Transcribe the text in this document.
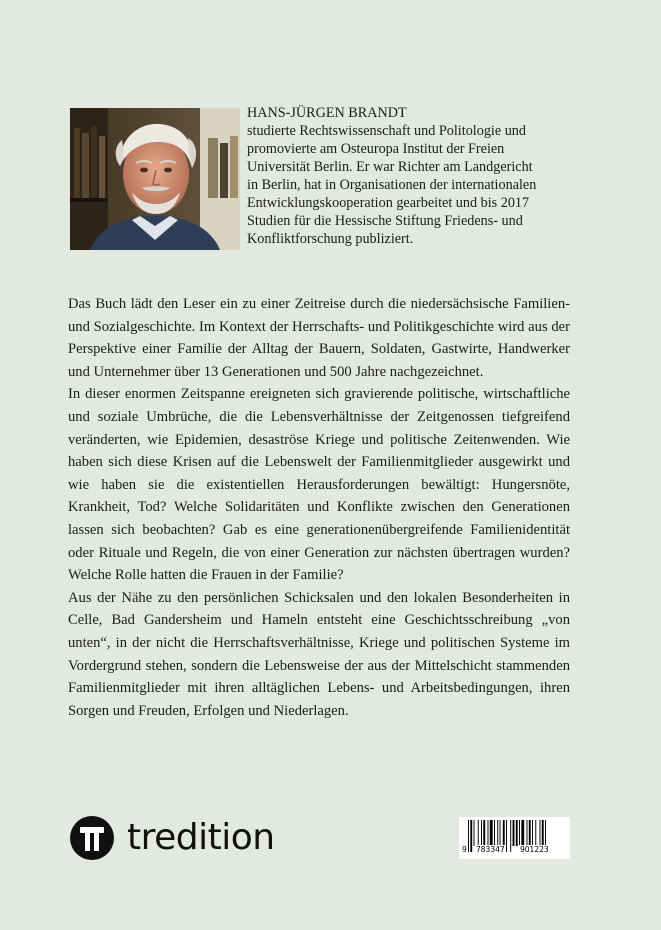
HANS-JÜRGEN BRANDT
studierte Rechtswissenschaft und Politologie und
promovierte am Osteuropa Institut der Freien
Universität Berlin. Er war Richter am Landgericht
in Berlin, hat in Organisationen der internationalen
Entwicklungskooperation gearbeitet und bis 2017
Studien für die Hessische Stiftung Friedens- und
Konfliktforschung publiziert.

Das Buch lädt den Leser ein zu einer Zeitreise durch die niedersächsische Familien- und Sozialgeschichte. Im Kontext der Herrschafts- und Politikgeschichte wird aus der Perspektive einer Familie der Alltag der Bauern, Soldaten, Gastwirte, Handwerker und Unternehmer über 13 Generationen und 500 Jahre nachgezeichnet.

In dieser enormen Zeitspanne ereigneten sich gravierende politische, wirtschaftliche und soziale Umbrüche, die die Lebensverhältnisse der Zeitgenossen tiefgreifend veränderten, wie Epidemien, desaströse Kriege und politische Zeitenwenden. Wie haben sich diese Krisen auf die Lebenswelt der Familienmitglieder ausgewirkt und wie haben sie die existentiellen Herausforderungen bewältigt: Hungersnöte, Krankheit, Tod? Welche Solidaritäten und Konflikte zwischen den Generationen lassen sich beobachten? Gab es eine generationenübergreifende Familienidentität oder Rituale und Regeln, die von einer Generation zur nächsten übertragen wurden? Welche Rolle hatten die Frauen in der Familie?

Aus der Nähe zu den persönlichen Schicksalen und den lokalen Besonderheiten in Celle, Bad Gandersheim und Hameln entsteht eine Geschichtsschreibung „von unten“, in der nicht die Herrschaftsverhältnisse, Kriege und politischen Systeme im Vordergrund stehen, sondern die Lebensweise der aus der Mittelschicht stammenden Familienmitglieder mit ihren alltäglichen Lebens- und Arbeitsbedingungen, ihren Sorgen und Freuden, Erfolgen und Niederlagen.

tredition	9 783347 901223
